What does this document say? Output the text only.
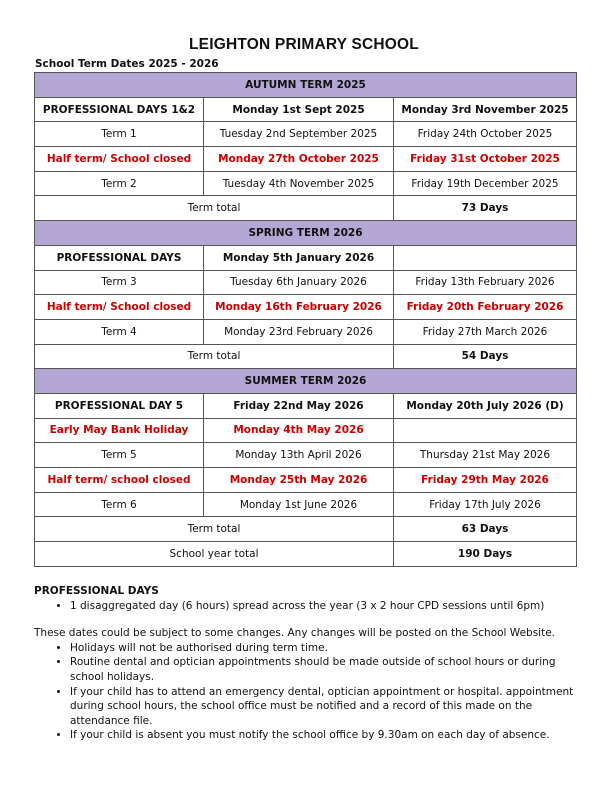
LEIGHTON PRIMARY SCHOOL
School Term Dates 2025 - 2026
AUTUMN TERM 2025		
PROFESSIONAL DAYS 1&2	Monday 1st Sept 2025	Monday 3rd November 2025
Term 1	Tuesday 2nd September 2025	Friday 24th October 2025
Half term/ School closed	Monday 27th October 2025	Friday 31st October 2025
Term 2	Tuesday 4th November 2025	Friday 19th December 2025
Term total		73 Days
SPRING TERM 2026		
PROFESSIONAL DAYS	Monday 5th January 2026	
Term 3	Tuesday 6th January 2026	Friday 13th February 2026
Half term/ School closed	Monday 16th February 2026	Friday 20th February 2026
Term 4	Monday 23rd February 2026	Friday 27th March 2026
Term total		54 Days
SUMMER TERM 2026		
PROFESSIONAL DAY 5	Friday 22nd May 2026	Monday 20th July 2026 (D)
Early May Bank Holiday	Monday 4th May 2026	
Term 5	Monday 13th April 2026	Thursday 21st May 2026
Half term/ school closed	Monday 25th May 2026	Friday 29th May 2026
Term 6	Monday 1st June 2026	Friday 17th July 2026
Term total		63 Days
School year total		190 Days
PROFESSIONAL DAYS
• 1 disaggregated day (6 hours) spread across the year (3 x 2 hour CPD sessions until 6pm)

These dates could be subject to some changes. Any changes will be posted on the School Website.

• Holidays will not be authorised during term time.
• Routine dental and optician appointments should be made outside of school hours or during school holidays.
• If your child has to attend an emergency dental, optician appointment or hospital. appointment during school hours, the school office must be notified and a record of this made on the attendance file.
• If your child is absent you must notify the school office by 9.30am on each day of absence.
